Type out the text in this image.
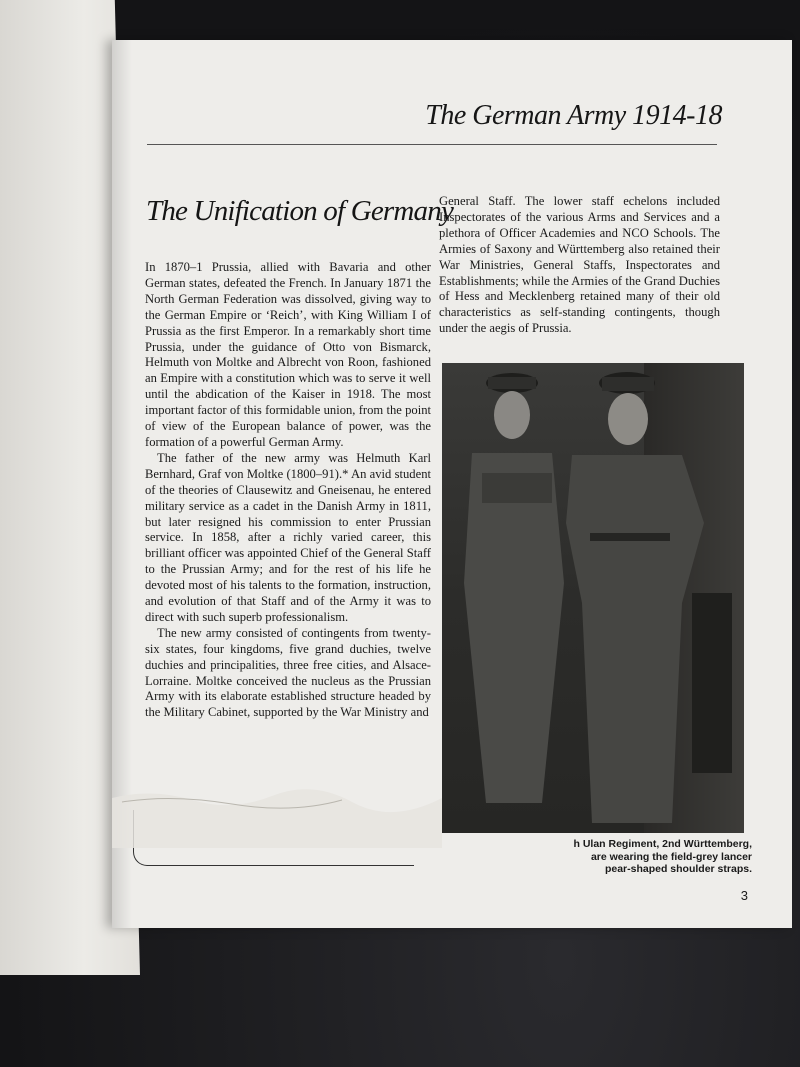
The German Army 1914-18
The Unification of Germany

In 1870–1 Prussia, allied with Bavaria and other German states, defeated the French. In January 1871 the North German Federation was dissolved, giving way to the German Empire or ‘Reich’, with King William I of Prussia as the first Emperor. In a remarkably short time Prussia, under the guidance of Otto von Bismarck, Helmuth von Moltke and Albrecht von Roon, fashioned an Empire with a constitution which was to serve it well until the abdication of the Kaiser in 1918. The most important factor of this formidable union, from the point of view of the European balance of power, was the formation of a powerful German Army.

The father of the new army was Helmuth Karl Bernhard, Graf von Moltke (1800–91).* An avid student of the theories of Clausewitz and Gneisenau, he entered military service as a cadet in the Danish Army in 1811, but later resigned his commission to enter Prussian service. In 1858, after a richly varied career, this brilliant officer was appointed Chief of the General Staff to the Prussian Army; and for the rest of his life he devoted most of his talents to the formation, instruction, and evolution of that Staff and of the Army it was to direct with such superb professionalism.

The new army consisted of contingents from twenty-six states, four kingdoms, five grand duchies, twelve duchies and principalities, three free cities, and Alsace-Lorraine. Moltke conceived the nucleus as the Prussian Army with its elaborate established structure headed by the Military Cabinet, supported by the War Ministry and

General Staff. The lower staff echelons included Inspectorates of the various Arms and Services and a plethora of Officer Academies and NCO Schools. The Armies of Saxony and Württemberg also retained their War Ministries, General Staffs, Inspectorates and Establishments; while the Armies of the Grand Duchies of Hess and Mecklenberg retained many of their old characteristics as self-standing contingents, though under the aegis of Prussia.

h Ulan Regiment, 2nd Württemberg,

are wearing the field-grey lancer

pear-shaped shoulder straps.

3
